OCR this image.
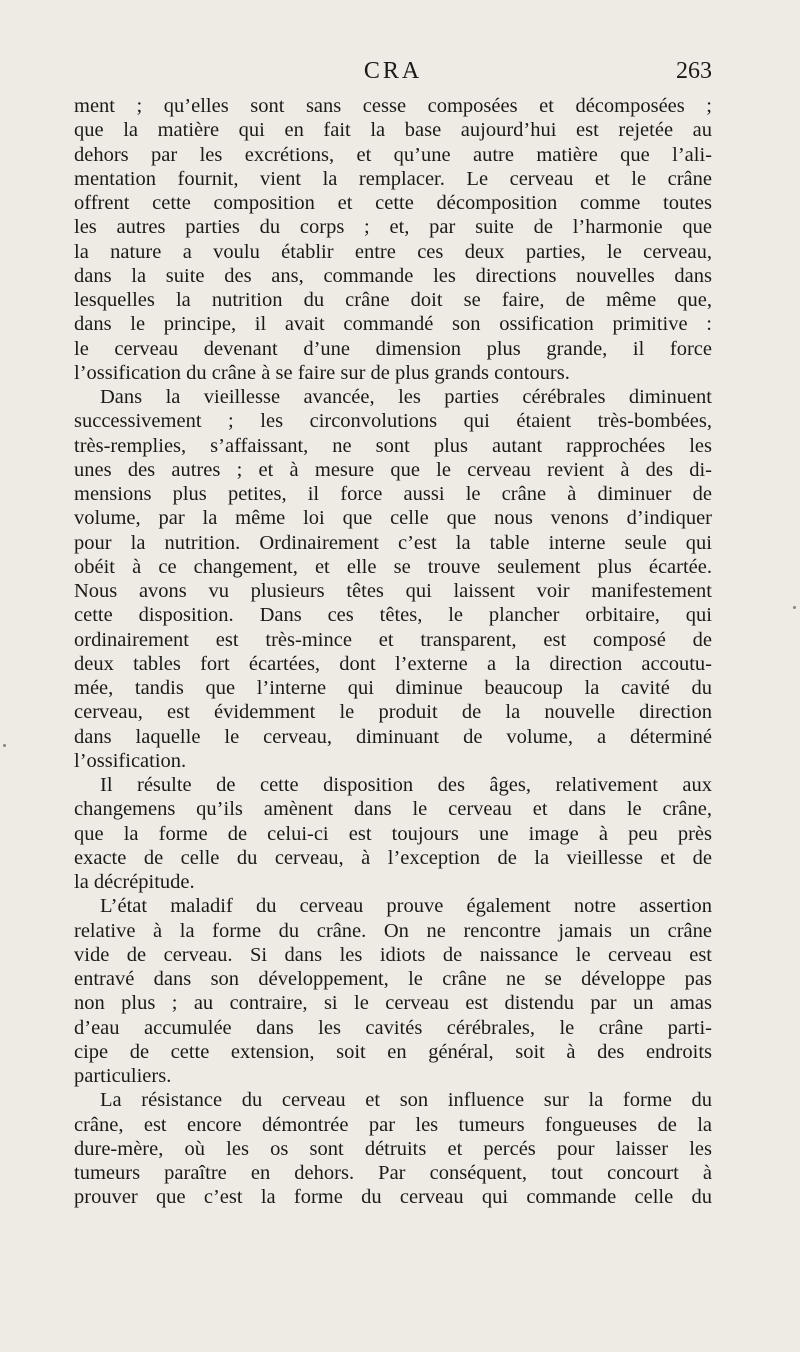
CRA	263
ment ; qu’elles sont sans cesse composées et décomposées ;
que la matière qui en fait la base aujourd’hui est rejetée au
dehors par les excrétions, et qu’une autre matière que l’ali-
mentation fournit, vient la remplacer. Le cerveau et le crâne
offrent cette composition et cette décomposition comme toutes
les autres parties du corps ; et, par suite de l’harmonie que
la nature a voulu établir entre ces deux parties, le cerveau,
dans la suite des ans, commande les directions nouvelles dans
lesquelles la nutrition du crâne doit se faire, de même que,
dans le principe, il avait commandé son ossification primitive :
le cerveau devenant d’une dimension plus grande, il force
l’ossification du crâne à se faire sur de plus grands contours.
Dans la vieillesse avancée, les parties cérébrales diminuent
successivement ; les circonvolutions qui étaient très-bombées,
très-remplies, s’affaissant, ne sont plus autant rapprochées les
unes des autres ; et à mesure que le cerveau revient à des di-
mensions plus petites, il force aussi le crâne à diminuer de
volume, par la même loi que celle que nous venons d’indiquer
pour la nutrition. Ordinairement c’est la table interne seule qui
obéit à ce changement, et elle se trouve seulement plus écartée.
Nous avons vu plusieurs têtes qui laissent voir manifestement
cette disposition. Dans ces têtes, le plancher orbitaire, qui
ordinairement est très-mince et transparent, est composé de
deux tables fort écartées, dont l’externe a la direction accoutu-
mée, tandis que l’interne qui diminue beaucoup la cavité du
cerveau, est évidemment le produit de la nouvelle direction
dans laquelle le cerveau, diminuant de volume, a déterminé
l’ossification.
Il résulte de cette disposition des âges, relativement aux
changemens qu’ils amènent dans le cerveau et dans le crâne,
que la forme de celui-ci est toujours une image à peu près
exacte de celle du cerveau, à l’exception de la vieillesse et de
la décrépitude.
L’état maladif du cerveau prouve également notre assertion
relative à la forme du crâne. On ne rencontre jamais un crâne
vide de cerveau. Si dans les idiots de naissance le cerveau est
entravé dans son développement, le crâne ne se développe pas
non plus ; au contraire, si le cerveau est distendu par un amas
d’eau accumulée dans les cavités cérébrales, le crâne parti-
cipe de cette extension, soit en général, soit à des endroits
particuliers.
La résistance du cerveau et son influence sur la forme du
crâne, est encore démontrée par les tumeurs fongueuses de la
dure-mère, où les os sont détruits et percés pour laisser les
tumeurs paraître en dehors. Par conséquent, tout concourt à
prouver que c’est la forme du cerveau qui commande celle du
